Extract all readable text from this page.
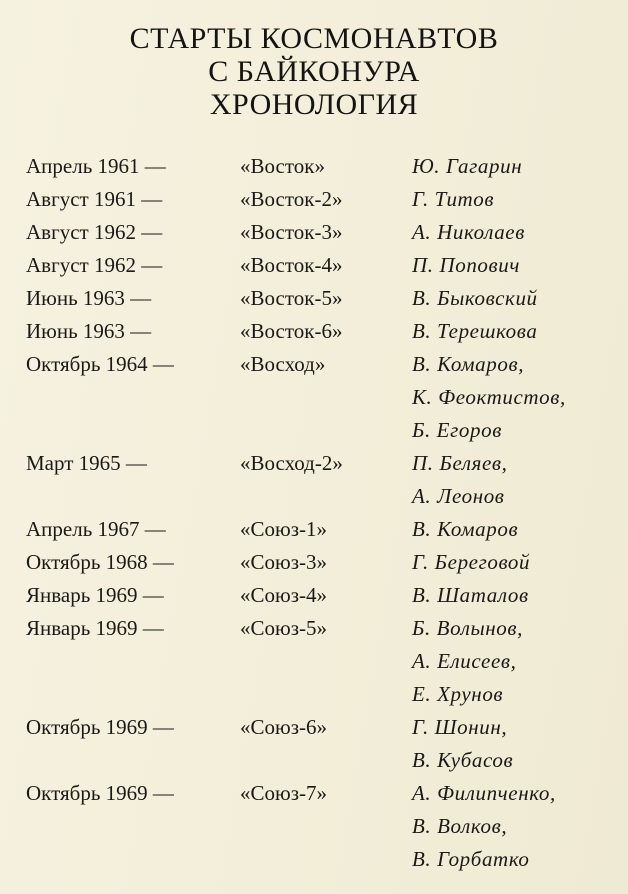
СТАРТЫ КОСМОНАВТОВ
С БАЙКОНУРА
ХРОНОЛОГИЯ
Апрель 1961 —	«Восток»	Ю. Гагарин
Август 1961 —	«Восток-2»	Г. Титов
Август 1962 —	«Восток-3»	А. Николаев
Август 1962 —	«Восток-4»	П. Попович
Июнь 1963 —	«Восток-5»	В. Быковский
Июнь 1963 —	«Восток-6»	В. Терешкова
Октябрь 1964 —	«Восход»	В. Комаров,
К. Феоктистов,
Б. Егоров
Март 1965 —	«Восход-2»	П. Беляев,
А. Леонов
Апрель 1967 —	«Союз-1»	В. Комаров
Октябрь 1968 —	«Союз-3»	Г. Береговой
Январь 1969 —	«Союз-4»	В. Шаталов
Январь 1969 —	«Союз-5»	Б. Волынов,
А. Елисеев,
Е. Хрунов
Октябрь 1969 —	«Союз-6»	Г. Шонин,
В. Кубасов
Октябрь 1969 —	«Союз-7»	А. Филипченко,
В. Волков,
В. Горбатко
